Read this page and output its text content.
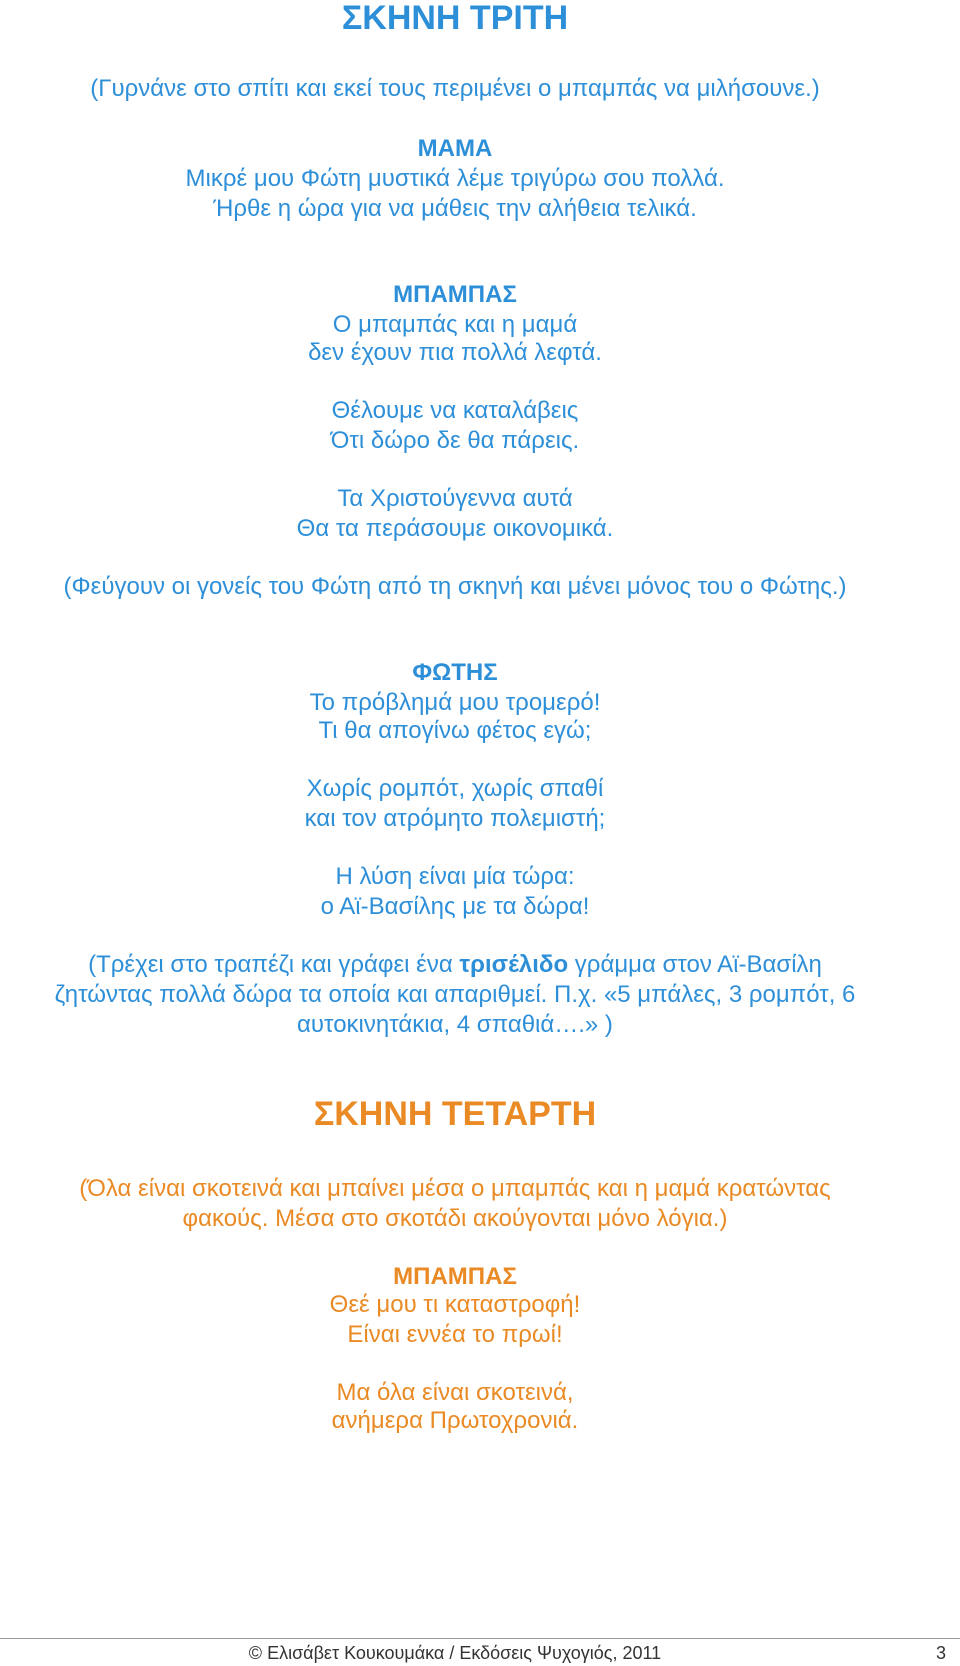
ΣΚΗΝΗ ΤΡΙΤΗ
(Γυρνάνε στο σπίτι και εκεί τους περιμένει ο μπαμπάς να μιλήσουνε.)
ΜΑΜΑ
Μικρέ μου Φώτη μυστικά λέμε τριγύρω σου πολλά.
Ήρθε η ώρα για να μάθεις την αλήθεια τελικά.
ΜΠΑΜΠΑΣ
Ο μπαμπάς και η μαμά
δεν έχουν πια πολλά λεφτά.
Θέλουμε να καταλάβεις
Ότι δώρο δε θα πάρεις.
Τα Χριστούγεννα αυτά
Θα τα περάσουμε οικονομικά.
(Φεύγουν οι γονείς του Φώτη από τη σκηνή και μένει μόνος του ο Φώτης.)
ΦΩΤΗΣ
Το πρόβλημά μου τρομερό!
Τι θα απογίνω φέτος εγώ;
Χωρίς ρομπότ, χωρίς σπαθί
και τον ατρόμητο πολεμιστή;
Η λύση είναι μία τώρα:
ο Αϊ-Βασίλης με τα δώρα!
(Τρέχει στο τραπέζι και γράφει ένα τρισέλιδο γράμμα στον Αϊ-Βασίλη
ζητώντας πολλά δώρα τα οποία και απαριθμεί. Π.χ. «5 μπάλες, 3 ρομπότ, 6
αυτοκινητάκια, 4 σπαθιά….» )
ΣΚΗΝΗ ΤΕΤΑΡΤΗ
(Όλα είναι σκοτεινά και μπαίνει μέσα ο μπαμπάς και η μαμά κρατώντας
φακούς. Μέσα στο σκοτάδι ακούγονται μόνο λόγια.)
ΜΠΑΜΠΑΣ
Θεέ μου τι καταστροφή!
Είναι εννέα το πρωί!
Μα όλα είναι σκοτεινά,
ανήμερα Πρωτοχρονιά.
© Ελισάβετ Κουκουμάκα / Εκδόσεις Ψυχογιός, 2011	3
